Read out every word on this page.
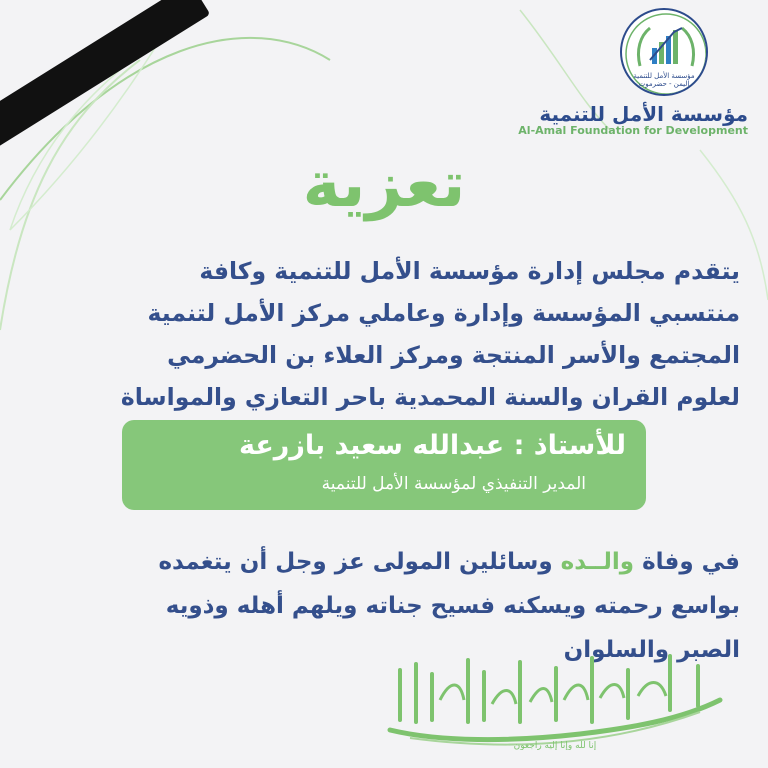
مؤسسة الأمل للتنمية
اليمن - حضرموت
مؤسسة الأمل للتنمية
Al-Amal Foundation for Development
تعزية
يتقدم مجلس إدارة مؤسسة الأمل للتنمية وكافة
منتسبي المؤسسة وإدارة وعاملي مركز الأمل لتنمية
المجتمع والأسر المنتجة ومركز العلاء بن الحضرمي
لعلوم القران والسنة المحمدية باحر التعازي والمواساة
للأستاذ : عبدالله سعيد بازرعة
المدير التنفيذي لمؤسسة الأمل للتنمية
في وفاة والــده وسائلين المولى عز وجل أن يتغمده
بواسع رحمته ويسكنه فسيح جناته ويلهم أهله وذويه
الصبر والسلوان
إنا لله وإنا إليه راجعون
